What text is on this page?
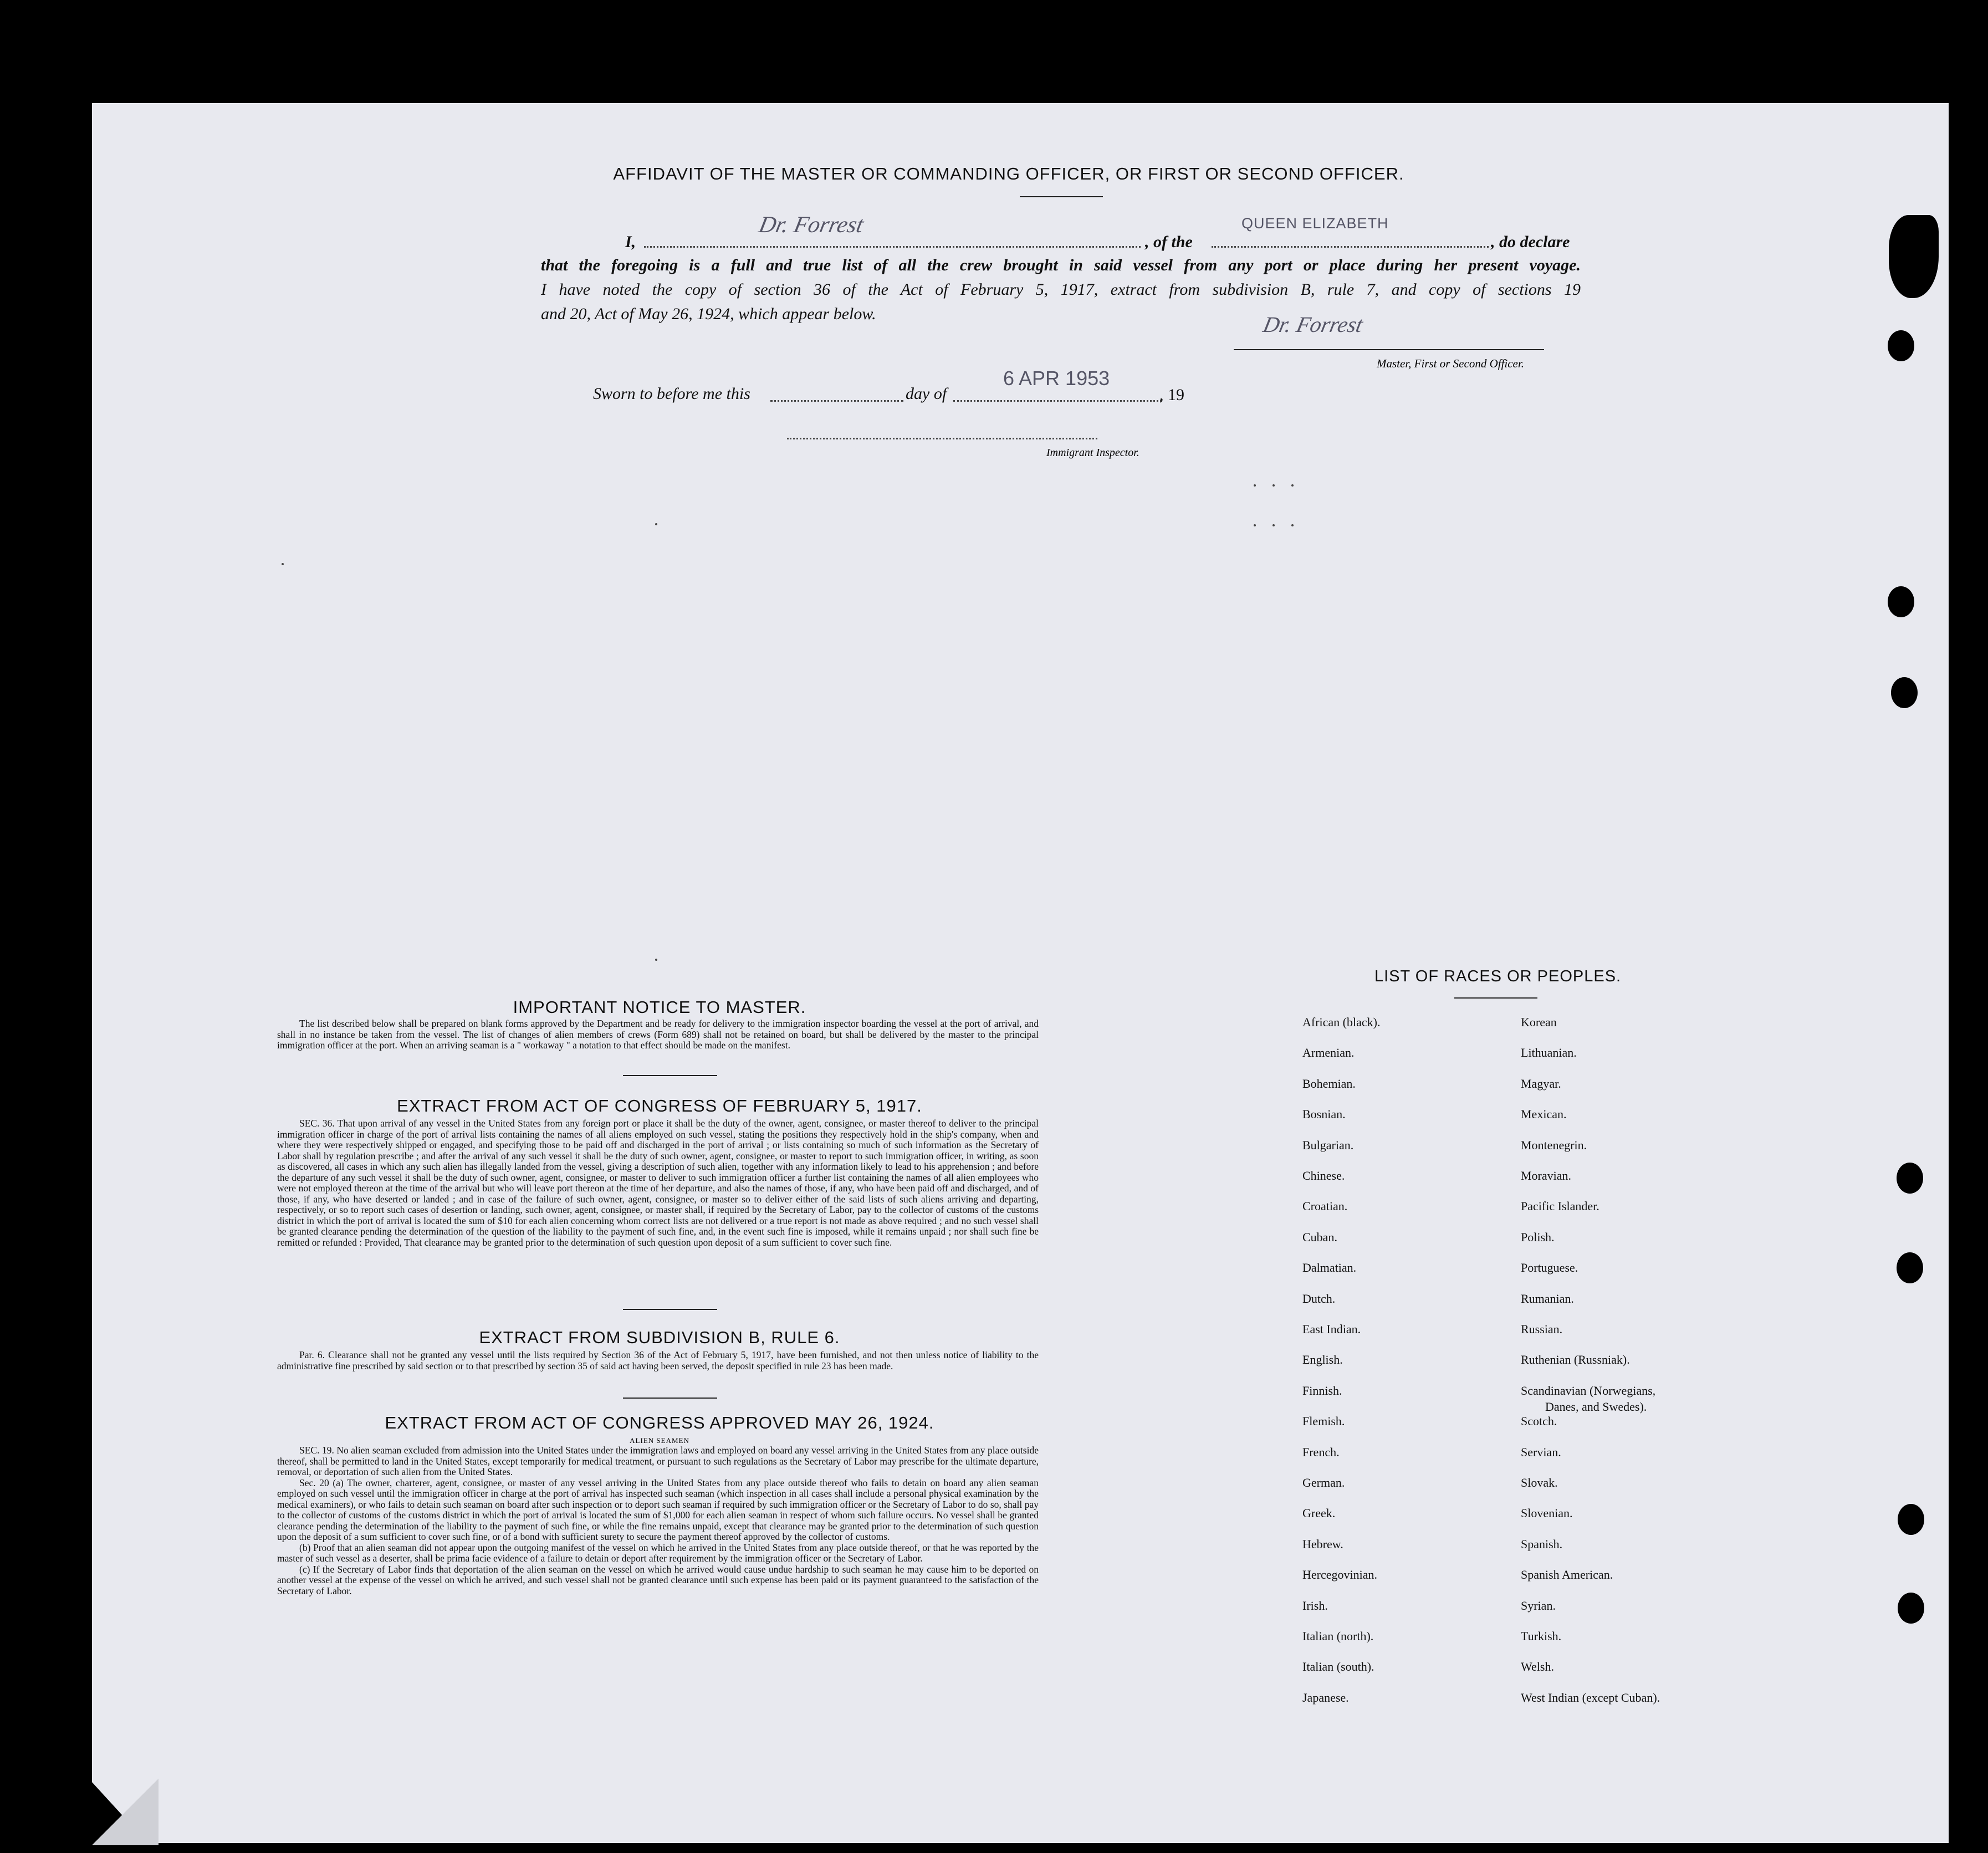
AFFIDAVIT OF THE MASTER OR COMMANDING OFFICER, OR FIRST OR SECOND OFFICER.
I,
Dr. Forrest
, of the
QUEEN ELIZABETH
, do declare
that the foregoing is a full and true list of all the crew brought in said vessel from any port or place during her present voyage.
I have noted the copy of section 36 of the Act of February 5, 1917, extract from subdivision B, rule 7, and copy of sections 19
and 20, Act of May 26, 1924, which appear below.	Dr. Forrest
Master, First or Second Officer.
Sworn to before me this	day of
6 APR 1953
, 19
Immigrant Inspector.
IMPORTANT NOTICE TO MASTER.

The list described below shall be prepared on blank forms approved by the Department and be ready for delivery to the immigration inspector boarding the vessel at the port of arrival, and shall in no instance be taken from the vessel. The list of changes of alien members of crews (Form 689) shall not be retained on board, but shall be delivered by the master to the principal immigration officer at the port. When an arriving seaman is a " workaway " a notation to that effect should be made on the manifest.

EXTRACT FROM ACT OF CONGRESS OF FEBRUARY 5, 1917.

SEC. 36. That upon arrival of any vessel in the United States from any foreign port or place it shall be the duty of the owner, agent, consignee, or master thereof to deliver to the principal immigration officer in charge of the port of arrival lists containing the names of all aliens employed on such vessel, stating the positions they respectively hold in the ship's company, when and where they were respectively shipped or engaged, and specifying those to be paid off and discharged in the port of arrival ; or lists containing so much of such information as the Secretary of Labor shall by regulation prescribe ; and after the arrival of any such vessel it shall be the duty of such owner, agent, consignee, or master to report to such immigration officer, in writing, as soon as discovered, all cases in which any such alien has illegally landed from the vessel, giving a description of such alien, together with any information likely to lead to his apprehension ; and before the departure of any such vessel it shall be the duty of such owner, agent, consignee, or master to deliver to such immigration officer a further list containing the names of all alien employees who were not employed thereon at the time of the arrival but who will leave port thereon at the time of her departure, and also the names of those, if any, who have been paid off and discharged, and of those, if any, who have deserted or landed ; and in case of the failure of such owner, agent, consignee, or master so to deliver either of the said lists of such aliens arriving and departing, respectively, or so to report such cases of desertion or landing, such owner, agent, consignee, or master shall, if required by the Secretary of Labor, pay to the collector of customs of the customs district in which the port of arrival is located the sum of $10 for each alien concerning whom correct lists are not delivered or a true report is not made as above required ; and no such vessel shall be granted clearance pending the determination of the question of the liability to the payment of such fine, and, in the event such fine is imposed, while it remains unpaid ; nor shall such fine be remitted or refunded : Provided, That clearance may be granted prior to the determination of such question upon deposit of a sum sufficient to cover such fine.

EXTRACT FROM SUBDIVISION B, RULE 6.

Par. 6. Clearance shall not be granted any vessel until the lists required by Section 36 of the Act of February 5, 1917, have been furnished, and not then unless notice of liability to the administrative fine prescribed by said section or to that prescribed by section 35 of said act having been served, the deposit specified in rule 23 has been made.

EXTRACT FROM ACT OF CONGRESS APPROVED MAY 26, 1924.
ALIEN SEAMEN

SEC. 19. No alien seaman excluded from admission into the United States under the immigration laws and employed on board any vessel arriving in the United States from any place outside thereof, shall be permitted to land in the United States, except temporarily for medical treatment, or pursuant to such regulations as the Secretary of Labor may prescribe for the ultimate departure, removal, or deportation of such alien from the United States.

Sec. 20 (a) The owner, charterer, agent, consignee, or master of any vessel arriving in the United States from any place outside thereof who fails to detain on board any alien seaman employed on such vessel until the immigration officer in charge at the port of arrival has inspected such seaman (which inspection in all cases shall include a personal physical examination by the medical examiners), or who fails to detain such seaman on board after such inspection or to deport such seaman if required by such immigration officer or the Secretary of Labor to do so, shall pay to the collector of customs of the customs district in which the port of arrival is located the sum of $1,000 for each alien seaman in respect of whom such failure occurs. No vessel shall be granted clearance pending the determination of the liability to the payment of such fine, or while the fine remains unpaid, except that clearance may be granted prior to the determination of such question upon the deposit of a sum sufficient to cover such fine, or of a bond with sufficient surety to secure the payment thereof approved by the collector of customs.

(b) Proof that an alien seaman did not appear upon the outgoing manifest of the vessel on which he arrived in the United States from any place outside thereof, or that he was reported by the master of such vessel as a deserter, shall be prima facie evidence of a failure to detain or deport after requirement by the immigration officer or the Secretary of Labor.

(c) If the Secretary of Labor finds that deportation of the alien seaman on the vessel on which he arrived would cause undue hardship to such seaman he may cause him to be deported on another vessel at the expense of the vessel on which he arrived, and such vessel shall not be granted clearance until such expense has been paid or its payment guaranteed to the satisfaction of the Secretary of Labor.

LIST OF RACES OR PEOPLES.
African (black).
Armenian.
Bohemian.
Bosnian.
Bulgarian.
Chinese.
Croatian.
Cuban.
Dalmatian.
Dutch.
East Indian.
English.
Finnish.
Flemish.
French.
German.
Greek.
Hebrew.
Hercegovinian.
Irish.
Italian (north).
Italian (south).
Japanese.
Korean
Lithuanian.
Magyar.
Mexican.
Montenegrin.
Moravian.
Pacific Islander.
Polish.
Portuguese.
Rumanian.
Russian.
Ruthenian (Russniak).
Scandinavian (Norwegians,
Scotch.
Servian.
Slovak.
Slovenian.
Spanish.
Spanish American.
Syrian.
Turkish.
Welsh.
West Indian (except Cuban).
Danes, and Swedes).
